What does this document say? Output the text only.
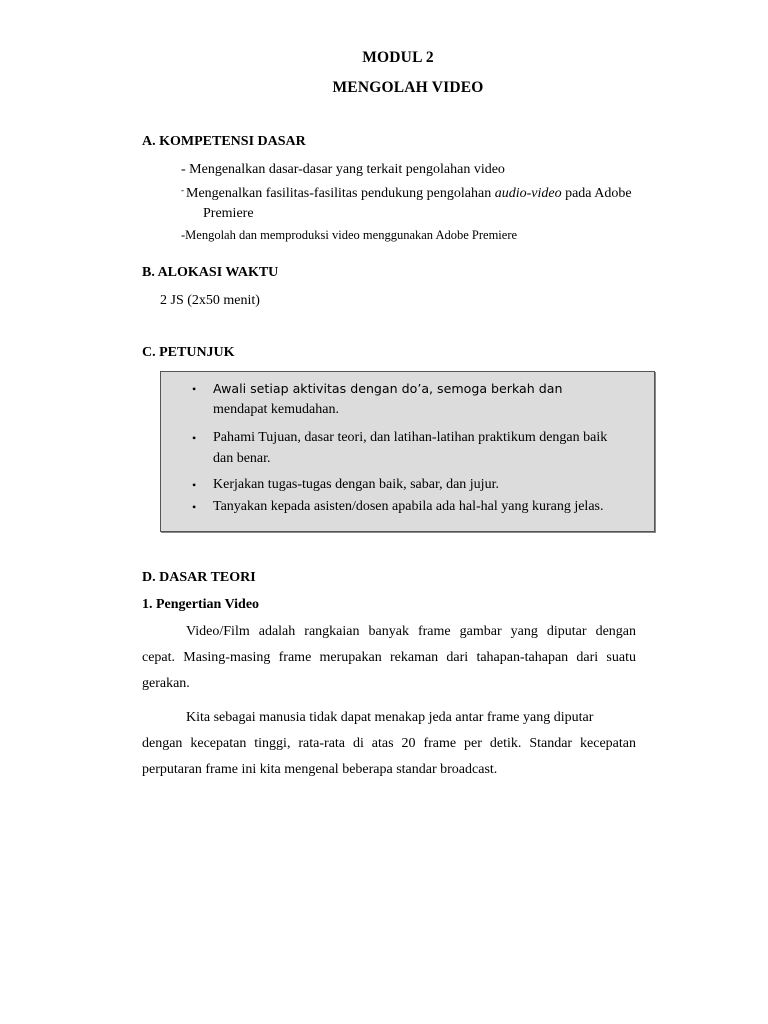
MODUL 2
MENGOLAH VIDEO
A. KOMPETENSI DASAR
- Mengenalkan dasar-dasar yang terkait pengolahan video
- Mengenalkan fasilitas-fasilitas pendukung pengolahan audio-video pada Adobe
Premiere
-Mengolah dan memproduksi video menggunakan Adobe Premiere
B. ALOKASI WAKTU
2 JS (2x50 menit)
C. PETUNJUK
• Awali setiap aktivitas dengan do’a, semoga berkah dan
mendapat kemudahan.
• Pahami Tujuan, dasar teori, dan latihan-latihan praktikum dengan baik
dan benar.
• Kerjakan tugas-tugas dengan baik, sabar, dan jujur.
• Tanyakan kepada asisten/dosen apabila ada hal-hal yang kurang jelas.
D. DASAR TEORI
1. Pengertian Video
Video/Film adalah rangkaian banyak frame gambar yang diputar dengan
cepat. Masing-masing frame merupakan rekaman dari tahapan-tahapan dari suatu
gerakan.
Kita sebagai manusia tidak dapat menakap jeda antar frame yang diputar
dengan kecepatan tinggi, rata-rata di atas 20 frame per detik. Standar kecepatan
perputaran frame ini kita mengenal beberapa standar broadcast.
